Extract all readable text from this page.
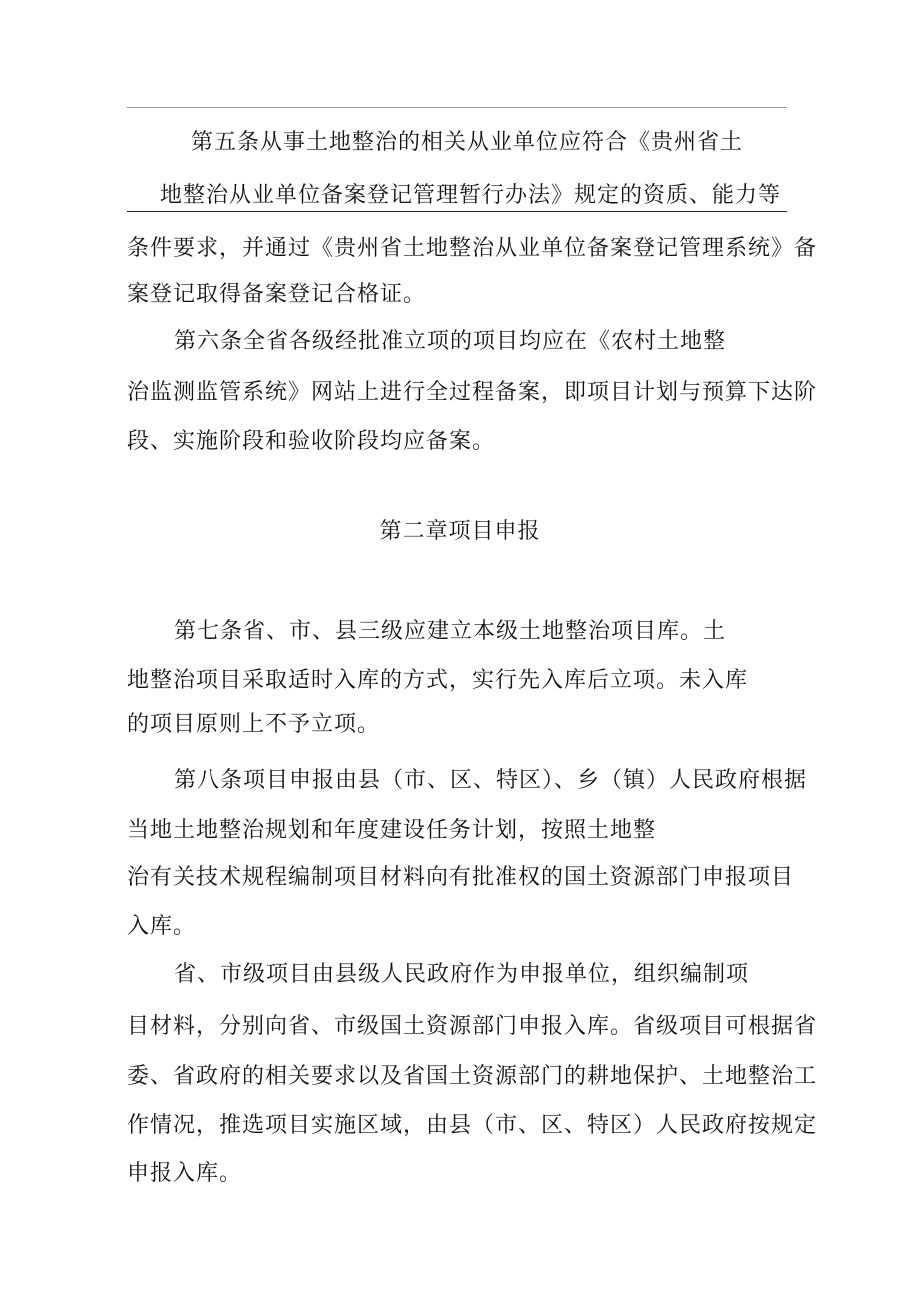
第五条从事土地整治的相关从业单位应符合《贵州省土
地整治从业单位备案登记管理暂行办法》规定的资质、能力等
条件要求，并通过《贵州省土地整治从业单位备案登记管理系统》备
案登记取得备案登记合格证。
第六条全省各级经批准立项的项目均应在《农村土地整
治监测监管系统》网站上进行全过程备案，即项目计划与预算下达阶
段、实施阶段和验收阶段均应备案。
第二章项目申报
第七条省、市、县三级应建立本级土地整治项目库。土
地整治项目采取适时入库的方式，实行先入库后立项。未入库
的项目原则上不予立项。
第八条项目申报由县（市、区、特区）、乡（镇）人民政府根据
当地土地整治规划和年度建设任务计划，按照土地整
治有关技术规程编制项目材料向有批准权的国土资源部门申报项目
入库。
省、市级项目由县级人民政府作为申报单位，组织编制项
目材料，分别向省、市级国土资源部门申报入库。省级项目可根据省
委、省政府的相关要求以及省国土资源部门的耕地保护、土地整治工
作情况，推选项目实施区域，由县（市、区、特区）人民政府按规定
申报入库。
